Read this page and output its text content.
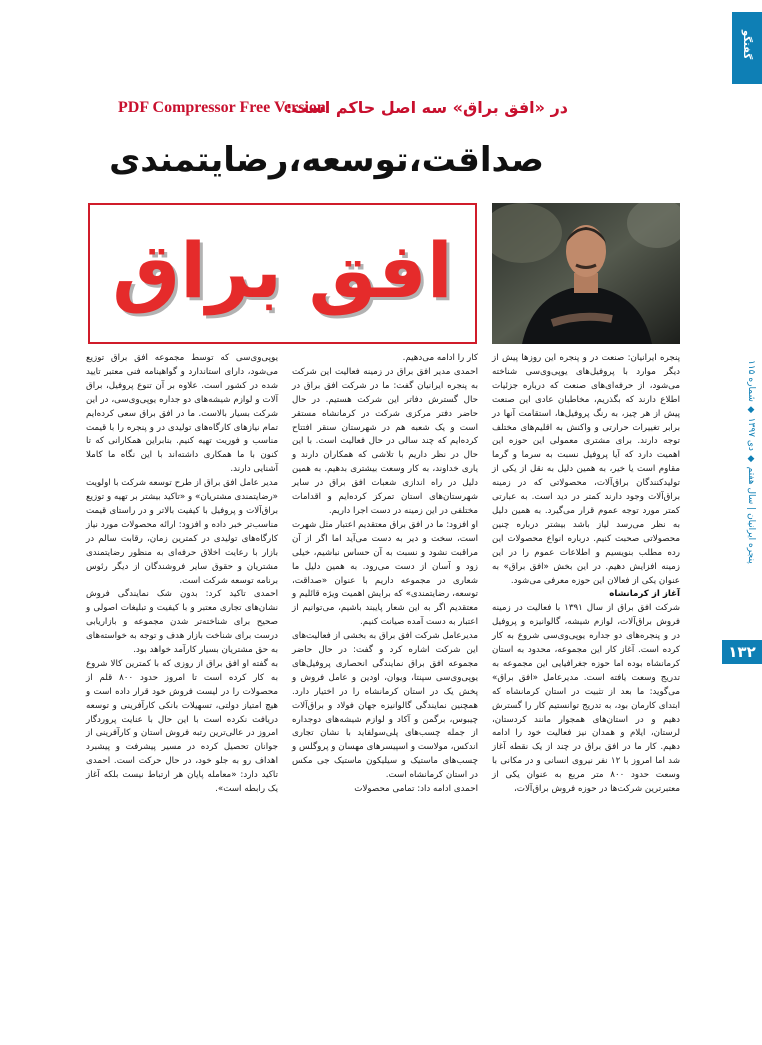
گفتگو
پنجره ایرانیان | سال هفتم ◆ دی ۱۳۹۷ ◆ شماره ۱۱۵
۱۳۲
PDF Compressor Free Version
در «افق براق» سه اصل حاکم است:
صداقت،توسعه،رضایتمندی
افق براق

پنجره ایرانیان: صنعت در و پنجره این روزها پیش از دیگر موارد با پروفیل‌های یوپی‌وی‌سی شناخته می‌شود، از حرفه‌ای‌های صنعت که درباره جزئیات اطلاع دارند که بگذریم، مخاطبان عادی این صنعت پیش از هر چیز، به رنگ پروفیل‌ها، استقامت آنها در برابر تغییرات حرارتی و واکنش به اقلیم‌های مختلف توجه دارند. برای مشتری معمولی این حوزه این اهمیت دارد که آیا پروفیل نسبت به سرما و گرما مقاوم است یا خیر، به همین دلیل به نقل از یکی از تولیدکنندگان براق‌آلات، محصولاتی که در زمینه براق‌آلات وجود دارند کمتر در دید است. به عبارتی کمتر مورد توجه عموم قرار می‌گیرد. به همین دلیل به نظر می‌رسد لیاز باشد بیشتر درباره چنین محصولاتی صحبت کنیم. درباره انواع محصولات این رده مطلب بنویسیم و اطلاعات عموم را در این زمینه افزایش دهیم. در این بخش «افق براق» به عنوان یکی از فعالان این حوزه معرفی می‌شود.

آغاز از کرمانشاه

شرکت افق براق از سال ۱۳۹۱ با فعالیت در زمینه فروش براق‌آلات، لوازم شیشه، گالوانیزه و پروفیل در و پنجره‌های دو جداره یوپی‌وی‌سی شروع به کار کرده است. آغاز کار این مجموعه، محدود به استان کرمانشاه بوده اما حوزه جغرافیایی این مجموعه به تدریج وسعت یافته است. مدیرعامل «افق براق» می‌گوید: ما بعد از تثبیت در استان کرمانشاه که ابتدای کارمان بود، به تدریج توانستیم کار را گسترش دهیم و در استان‌های همجوار مانند کردستان، لرستان، ایلام و همدان نیز فعالیت خود را ادامه دهیم. کار ما در افق براق در چند از یک نقطه آغاز شد اما امروز با ۱۲ نفر نیروی انسانی و در مکانی با وسعت حدود ۸۰۰ متر مربع به عنوان یکی از معتبرترین شرکت‌ها در حوزه فروش براق‌آلات،

کار را ادامه می‌دهیم.

احمدی مدیر افق براق در زمینه فعالیت این شرکت به پنجره ایرانیان گفت: ما در شرکت افق براق در حال گسترش دفاتر این شرکت هستیم. در حال حاضر دفتر مرکزی شرکت در کرمانشاه مستقر است و یک شعبه هم در شهرستان سنقر افتتاح کرده‌ایم که چند سالی در حال فعالیت است. با این حال در نظر داریم با تلاشی که همکاران دارند و یاری خداوند، به کار وسعت بیشتری بدهیم. به همین دلیل در راه اندازی شعبات افق براق در سایر شهرستان‌های استان تمرکز کرده‌ایم و اقدامات مختلفی در این زمینه در دست اجرا داریم.

او افزود: ما در افق براق معتقدیم اعتبار مثل شهرت است، سخت و دیر به دست می‌آید اما اگر از آن مراقبت نشود و نسبت به آن حساس نباشیم، خیلی زود و آسان از دست می‌رود. به همین دلیل ما شعاری در مجموعه داریم با عنوان «صداقت، توسعه، رضایتمندی» که برایش اهمیت ویژه قائلیم و معتقدیم اگر به این شعار پایبند باشیم، می‌توانیم از اعتبار به دست آمده صیانت کنیم.

مدیرعامل شرکت افق براق به بخشی از فعالیت‌های این شرکت اشاره کرد و گفت: در حال حاضر مجموعه افق براق نمایندگی انحصاری پروفیل‌های یوپی‌وی‌سی سپنتا، ویوان، اودین و عامل فروش و پخش یک در استان کرمانشاه را در اختیار دارد. همچنین نمایندگی گالوانیزه جهان فولاد و براق‌آلات چیبوس، برگمن و آکاد و لوازم شیشه‌های دوجداره از جمله چسب‌های پلی‌سولفاید با نشان تجاری اندکس، مولاست و اسپیسرهای مهسان و پروگلس و چسب‌های ماستیک و سیلیکون ماستیک جی مکس در استان کرمانشاه است.

احمدی ادامه داد: تمامی محصولات

یوپی‌وی‌سی که توسط مجموعه افق براق توزیع می‌شود، دارای استاندارد و گواهینامه فنی معتبر تایید شده در کشور است. علاوه بر آن تنوع پروفیل، براق آلات و لوازم شیشه‌های دو جداره یوپی‌وی‌سی، در این شرکت بسیار بالاست. ما در افق براق سعی کرده‌ایم تمام نیازهای کارگاه‌های تولیدی در و پنجره را با قیمت مناسب و فوریت تهیه کنیم. بنابراین همکارانی که تا کنون با ما همکاری داشته‌اند با این نگاه ما کاملا آشنایی دارند.

مدیر عامل افق براق از طرح توسعه شرکت با اولویت «رضایتمندی مشتریان» و «تاکید بیشتر بر تهیه و توزیع براق‌آلات و پروفیل با کیفیت بالاتر و در راستای قیمت مناسب‌تر خبر داده و افزود: ارائه محصولات مورد نیاز کارگاه‌های تولیدی در کمترین زمان، رقابت سالم در بازار با رعایت اخلاق حرفه‌ای به منظور رضایتمندی مشتریان و حقوق سایر فروشندگان از دیگر رئوس برنامه توسعه شرکت است.

احمدی تاکید کرد: بدون شک نمایندگی فروش نشان‌های تجاری معتبر و با کیفیت و تبلیغات اصولی و صحیح برای شناخته‌تر شدن مجموعه و بازاریابی درست برای شناخت بازار هدف و توجه به خواسته‌های به حق مشتریان بسیار کارآمد خواهد بود.

به گفته او افق براق از روزی که با کمترین کالا شروع به کار کرده است تا امروز حدود ۸۰۰ قلم از محصولات را در لیست فروش خود قرار داده است و هیچ امتیاز دولتی، تسهیلات بانکی کارآفرینی و توسعه دریافت نکرده است با این حال با عنایت پروردگار امروز در عالی‌ترین رتبه فروش استان و کارآفرینی از جوانان تحصیل کرده در مسیر پیشرفت و پیشبرد اهداف رو به جلو خود، در حال حرکت است. احمدی تاکید دارد: «معامله پایان هر ارتباط نیست بلکه آغاز یک رابطه است».
